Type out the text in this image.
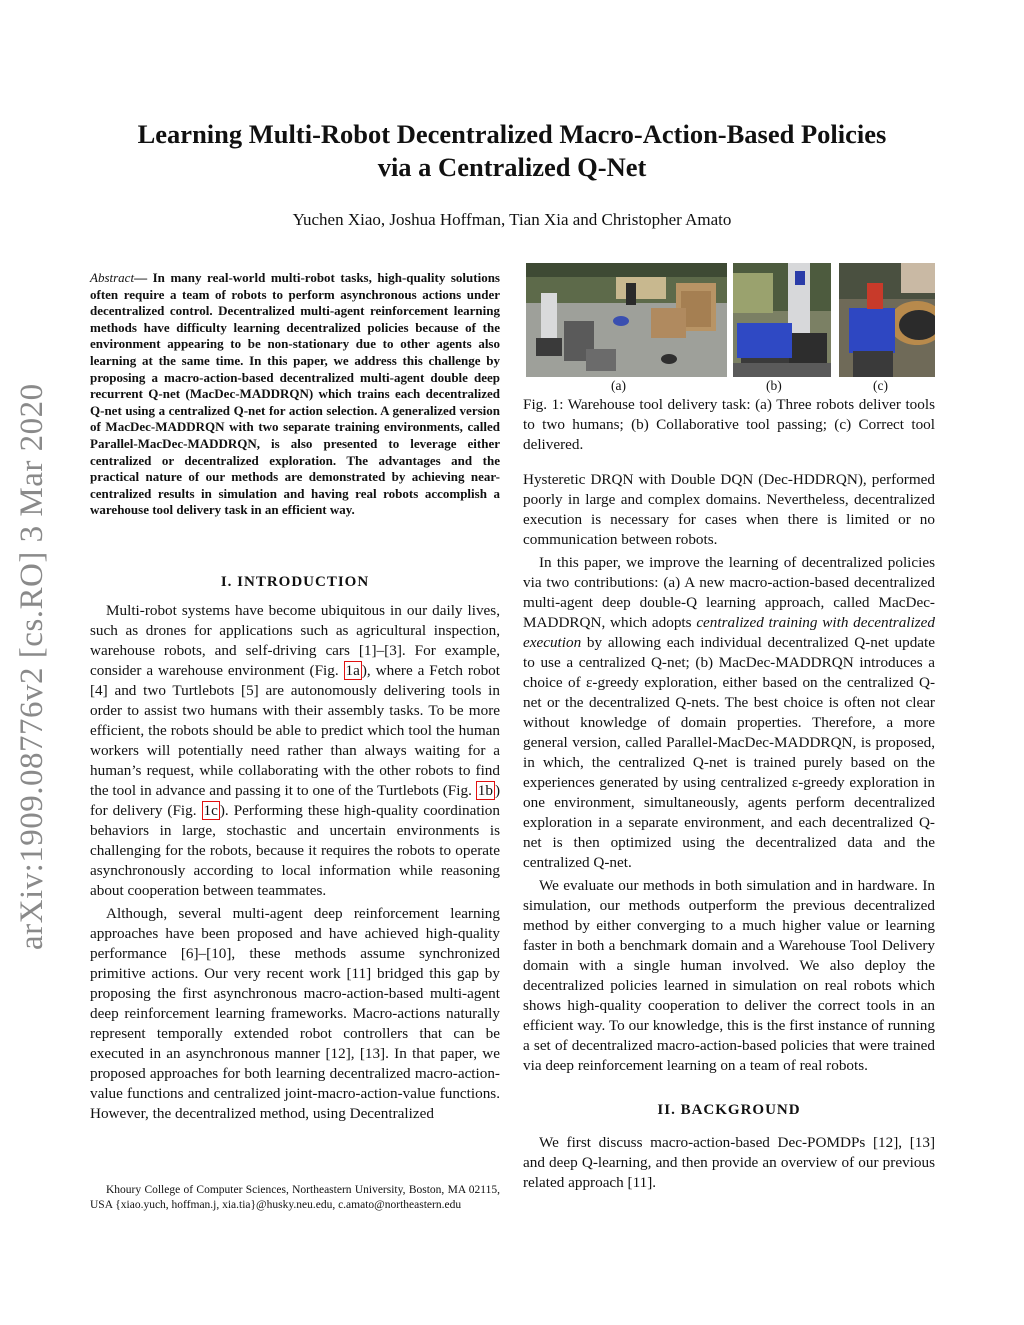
arXiv:1909.08776v2 [cs.RO] 3 Mar 2020
Learning Multi-Robot Decentralized Macro-Action-Based Policies
via a Centralized Q-Net
Yuchen Xiao, Joshua Hoffman, Tian Xia and Christopher Amato
Abstract— In many real-world multi-robot tasks, high-quality solutions often require a team of robots to perform asynchronous actions under decentralized control. Decentralized multi-agent reinforcement learning methods have difficulty learning decentralized policies because of the environment appearing to be non-stationary due to other agents also learning at the same time. In this paper, we address this challenge by proposing a macro-action-based decentralized multi-agent double deep recurrent Q-net (MacDec-MADDRQN) which trains each decentralized Q-net using a centralized Q-net for action selection. A generalized version of MacDec-MADDRQN with two separate training environments, called Parallel-MacDec-MADDRQN, is also presented to leverage either centralized or decentralized exploration. The advantages and the practical nature of our methods are demonstrated by achieving near-centralized results in simulation and having real robots accomplish a warehouse tool delivery task in an efficient way.
I. INTRODUCTION

Multi-robot systems have become ubiquitous in our daily lives, such as drones for applications such as agricultural inspection, warehouse robots, and self-driving cars [1]–[3]. For example, consider a warehouse environment (Fig. 1a ), where a Fetch robot [4] and two Turtlebots [5] are autonomously delivering tools in order to assist two humans with their assembly tasks. To be more efficient, the robots should be able to predict which tool the human workers will potentially need rather than always waiting for a human’s request, while collaborating with the other robots to find the tool in advance and passing it to one of the Turtlebots (Fig. 1b ) for delivery (Fig. 1c ). Performing these high-quality coordination behaviors in large, stochastic and uncertain environments is challenging for the robots, because it requires the robots to operate asynchronously according to local information while reasoning about cooperation between teammates.

Although, several multi-agent deep reinforcement learning approaches have been proposed and have achieved high-quality performance [6]–[10], these methods assume synchronized primitive actions. Our very recent work [11] bridged this gap by proposing the first asynchronous macro-action-based multi-agent deep reinforcement learning frameworks. Macro-actions naturally represent temporally extended robot controllers that can be executed in an asynchronous manner [12], [13]. In that paper, we proposed approaches for both learning decentralized macro-action-value functions and centralized joint-macro-action-value functions. However, the decentralized method, using Decentralized

Khoury College of Computer Sciences, Northeastern University, Boston, MA 02115, USA {xiao.yuch, hoffman.j, xia.tia}@husky.neu.edu, c.amato@northeastern.edu

(a)	(b)	(c)
Fig. 1: Warehouse tool delivery task: (a) Three robots deliver tools to two humans; (b) Collaborative tool passing; (c) Correct tool delivered.

Hysteretic DRQN with Double DQN (Dec-HDDRQN), performed poorly in large and complex domains. Nevertheless, decentralized execution is necessary for cases when there is limited or no communication between robots.

In this paper, we improve the learning of decentralized policies via two contributions: (a) A new macro-action-based decentralized multi-agent deep double-Q learning approach, called MacDec-MADDRQN, which adopts centralized training with decentralized execution by allowing each individual decentralized Q-net update to use a centralized Q-net; (b) MacDec-MADDRQN introduces a choice of ε-greedy exploration, either based on the centralized Q-net or the decentralized Q-nets. The best choice is often not clear without knowledge of domain properties. Therefore, a more general version, called Parallel-MacDec-MADDRQN, is proposed, in which, the centralized Q-net is trained purely based on the experiences generated by using centralized ε-greedy exploration in one environment, simultaneously, agents perform decentralized exploration in a separate environment, and each decentralized Q-net is then optimized using the decentralized data and the centralized Q-net.

We evaluate our methods in both simulation and in hardware. In simulation, our methods outperform the previous decentralized method by either converging to a much higher value or learning faster in both a benchmark domain and a Warehouse Tool Delivery domain with a single human involved. We also deploy the decentralized policies learned in simulation on real robots which shows high-quality cooperation to deliver the correct tools in an efficient way. To our knowledge, this is the first instance of running a set of decentralized macro-action-based policies that were trained via deep reinforcement learning on a team of real robots.

II. BACKGROUND

We first discuss macro-action-based Dec-POMDPs [12], [13] and deep Q-learning, and then provide an overview of our previous related approach [11].
